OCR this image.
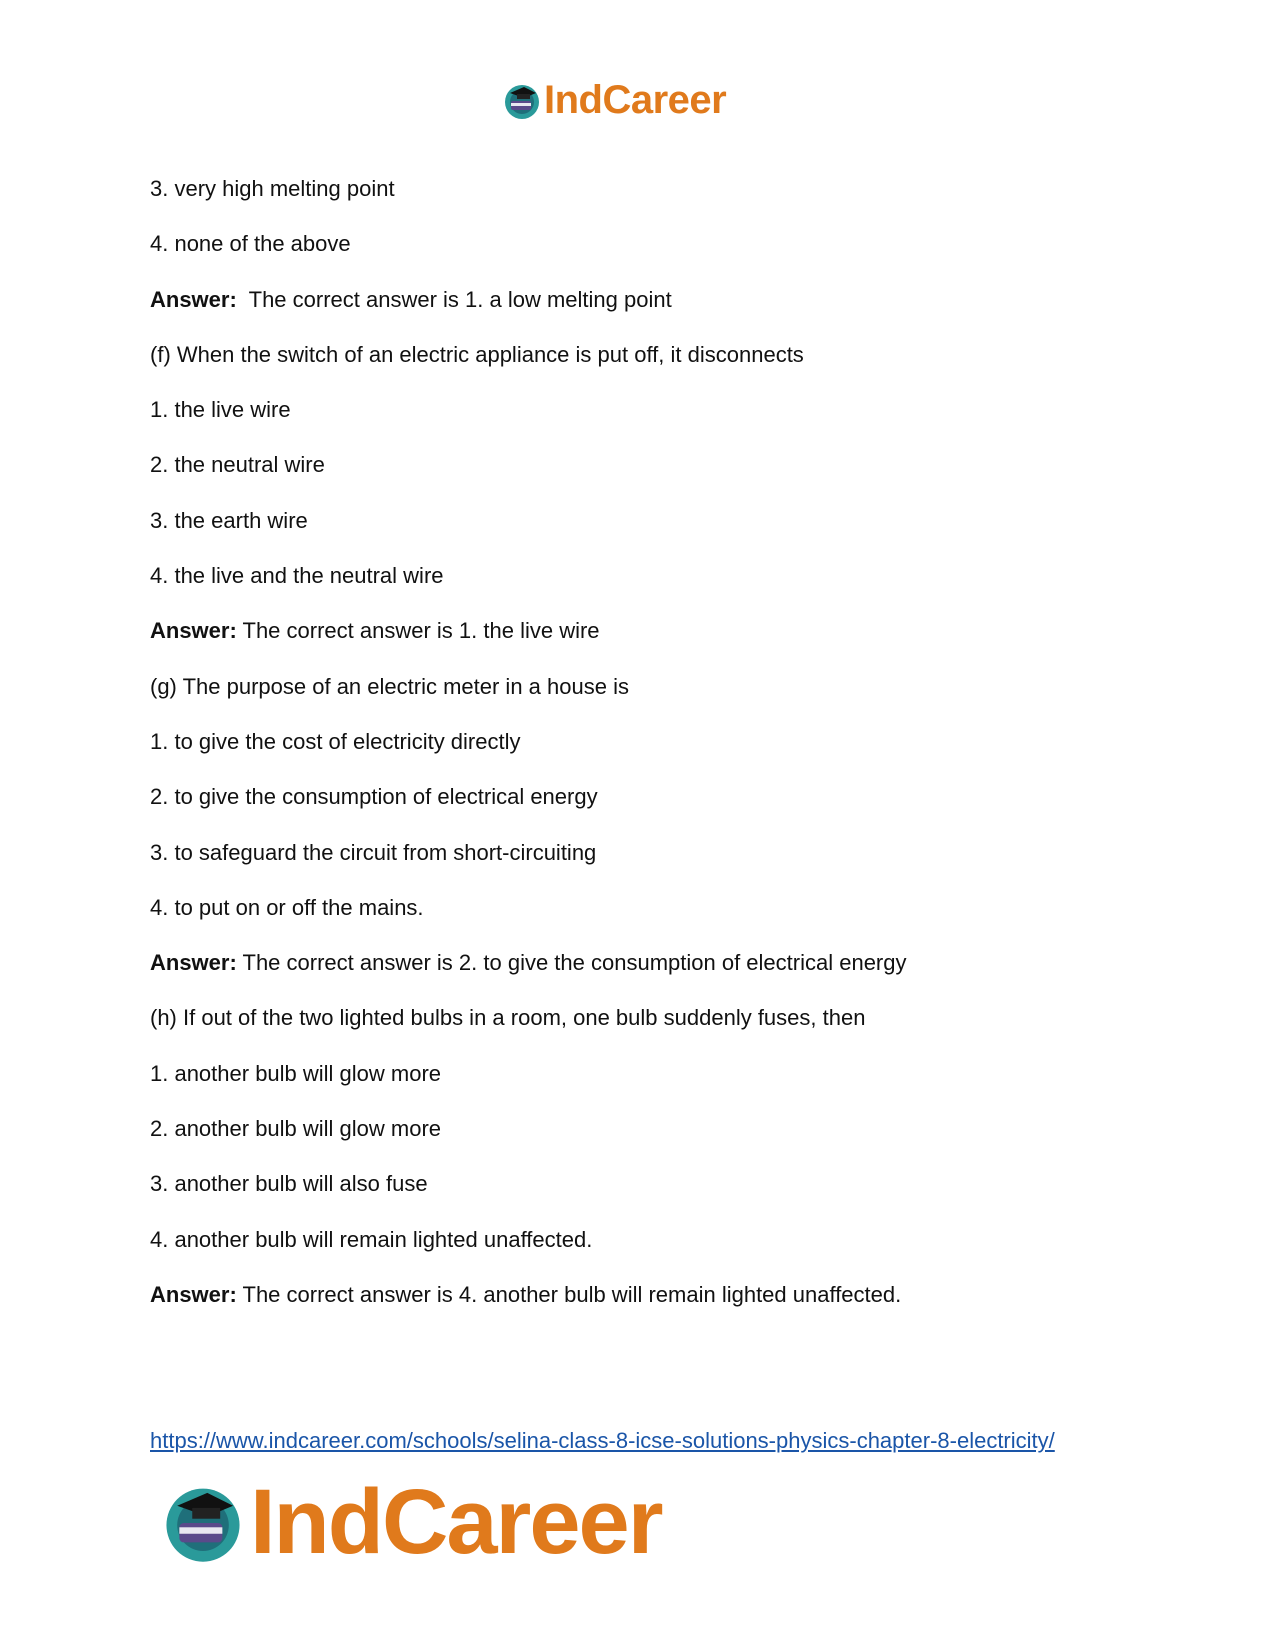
IndCareer
3. very high melting point
4. none of the above
Answer:  The correct answer is 1. a low melting point
(f) When the switch of an electric appliance is put off, it disconnects
1. the live wire
2. the neutral wire
3. the earth wire
4. the live and the neutral wire
Answer: The correct answer is 1. the live wire
(g) The purpose of an electric meter in a house is
1. to give the cost of electricity directly
2. to give the consumption of electrical energy
3. to safeguard the circuit from short-circuiting
4. to put on or off the mains.
Answer: The correct answer is 2. to give the consumption of electrical energy
(h) If out of the two lighted bulbs in a room, one bulb suddenly fuses, then
1. another bulb will glow more
2. another bulb will glow more
3. another bulb will also fuse
4. another bulb will remain lighted unaffected.
Answer: The correct answer is 4. another bulb will remain lighted unaffected.
https://www.indcareer.com/schools/selina-class-8-icse-solutions-physics-chapter-8-electricity/
IndCareer
